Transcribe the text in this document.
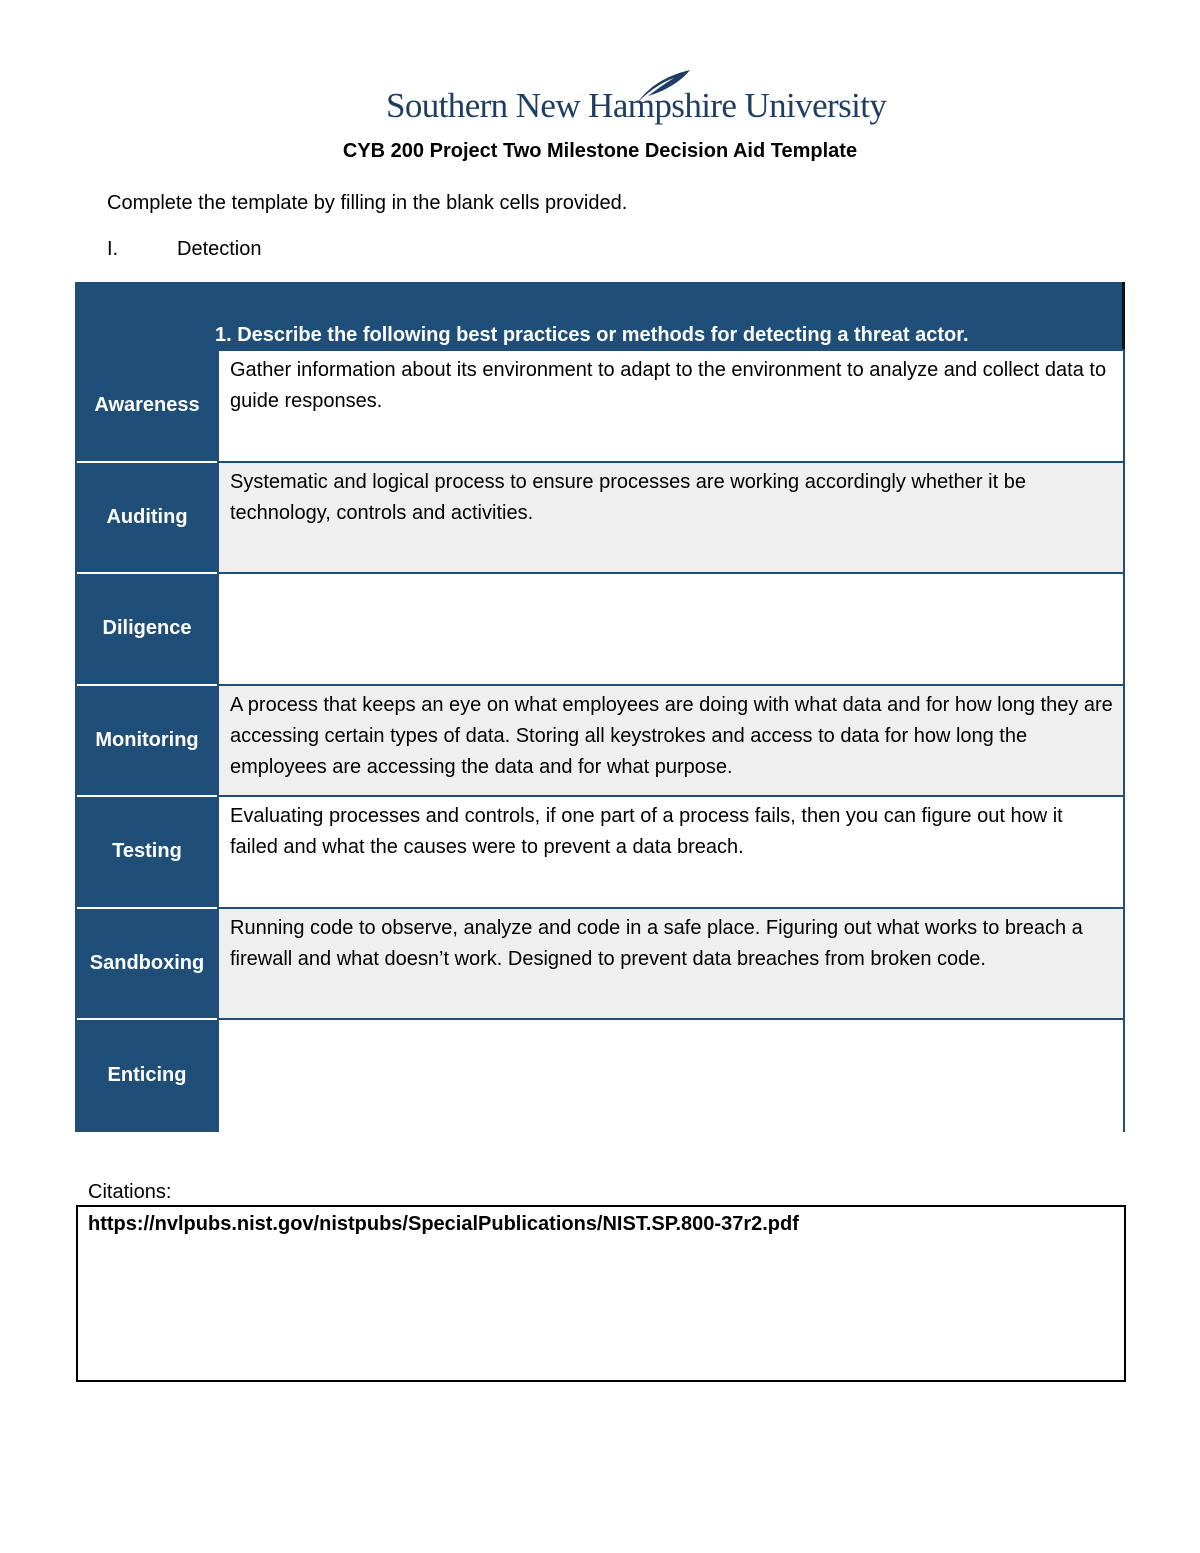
Southern New Hampshire University
CYB 200 Project Two Milestone Decision Aid Template
Complete the template by filling in the blank cells provided.
I.	Detection
1. Describe the following best practices or methods for detecting a threat actor.
Awareness
Gather information about its environment to adapt to the environment to analyze and collect data to guide responses.
Auditing
Systematic and logical process to ensure processes are working accordingly whether it be technology, controls and activities.
Diligence
Monitoring
A process that keeps an eye on what employees are doing with what data and for how long they are accessing certain types of data. Storing all keystrokes and access to data for how long the employees are accessing the data and for what purpose.
Testing
Evaluating processes and controls, if one part of a process fails, then you can figure out how it failed and what the causes were to prevent a data breach.
Sandboxing
Running code to observe, analyze and code in a safe place. Figuring out what works to breach a firewall and what doesn’t work. Designed to prevent data breaches from broken code.
Enticing
Citations:
https://nvlpubs.nist.gov/nistpubs/SpecialPublications/NIST.SP.800-37r2.pdf
